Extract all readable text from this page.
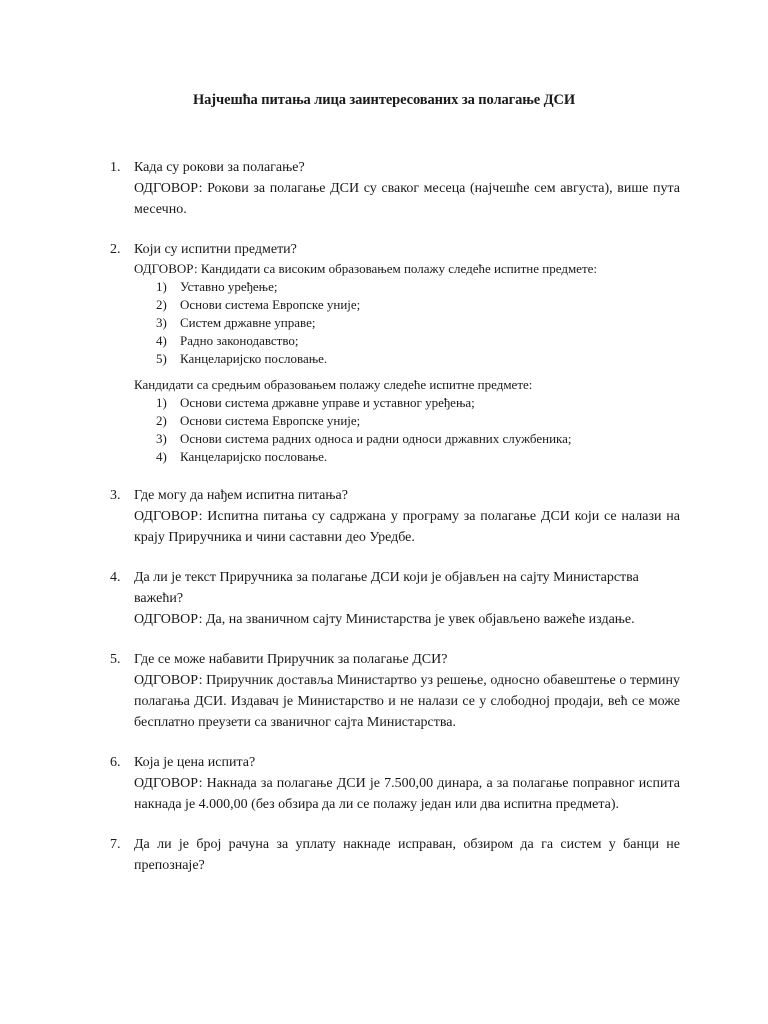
Најчешћа питања лица заинтересованих за полагање ДСИ
1. Када су рокови за полагање?
ОДГОВОР: Рокови за полагање ДСИ су сваког месеца (најчешће сем августа), више пута месечно.
2. Који су испитни предмети?
ОДГОВОР: Кандидати са високим образовањем полажу следеће испитне предмете:
1) Уставно уређење;
2) Основи система Европске уније;
3) Систем државне управе;
4) Радно законодавство;
5) Канцеларијско пословање.
Кандидати са средњим образовањем полажу следеће испитне предмете:
1) Основи система државне управе и уставног уређења;
2) Основи система Европске уније;
3) Основи система радних односа и радни односи државних службеника;
4) Канцеларијско пословање.
3. Где могу да нађем испитна питања?
ОДГОВОР: Испитна питања су садржана у програму за полагање ДСИ који се налази на крају Приручника и чини саставни део Уредбе.
4. Да ли је текст Приручника за полагање ДСИ који је објављен на сајту Министарства важећи?
ОДГОВОР: Да, на званичном сајту Министарства је увек објављено важеће издање.
5. Где се може набавити Приручник за полагање ДСИ?
ОДГОВОР: Приручник доставља Министартво уз решење, односно обавештење о термину полагања ДСИ. Издавач је Министарство и не налази се у слободној продаји, већ се може бесплатно преузети са званичног сајта Министарства.
6. Која је цена испита?
ОДГОВОР: Накнада за полагање ДСИ је 7.500,00 динара, а за полагање поправног испита накнада је 4.000,00 (без обзира да ли се полажу један или два испитна предмета).
7. Да ли је број рачуна за уплату накнаде исправан, обзиром да га систем у банци не препознаје?
